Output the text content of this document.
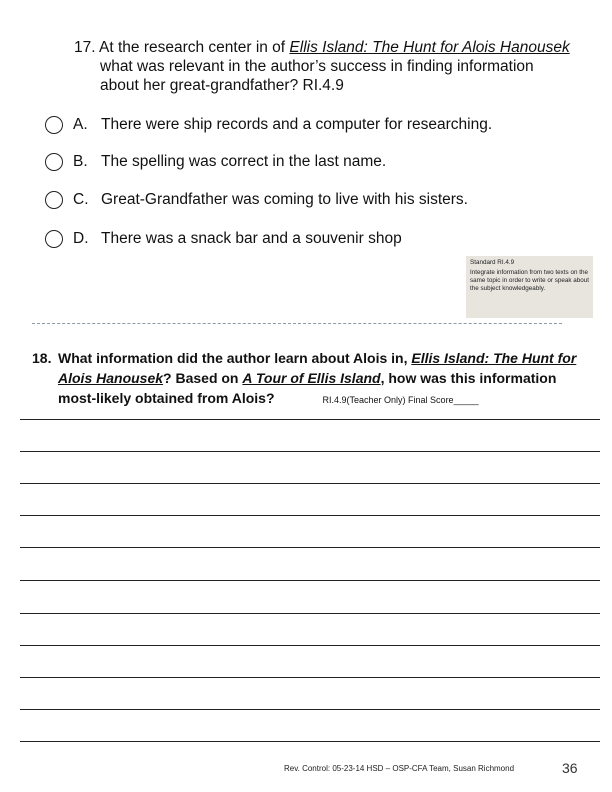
17. At the research center in of Ellis Island: The Hunt for Alois Hanousek what was relevant in the author’s success in finding information about her great-grandfather? RI.4.9
A. There were ship records and a computer for researching.
B. The spelling was correct in the last name.
C. Great-Grandfather was coming to live with his sisters.
D. There was a snack bar and a souvenir shop
Standard RI.4.9
Integrate information from two texts on the same topic in order to write or speak about the subject knowledgeably.
18. What information did the author learn about Alois in, Ellis Island: The Hunt for Alois Hanousek? Based on A Tour of Ellis Island, how was this information most-likely obtained from Alois?	RI.4.9(Teacher Only) Final Score_____
Rev. Control: 05-23-14 HSD – OSP-CFA Team, Susan Richmond	36
